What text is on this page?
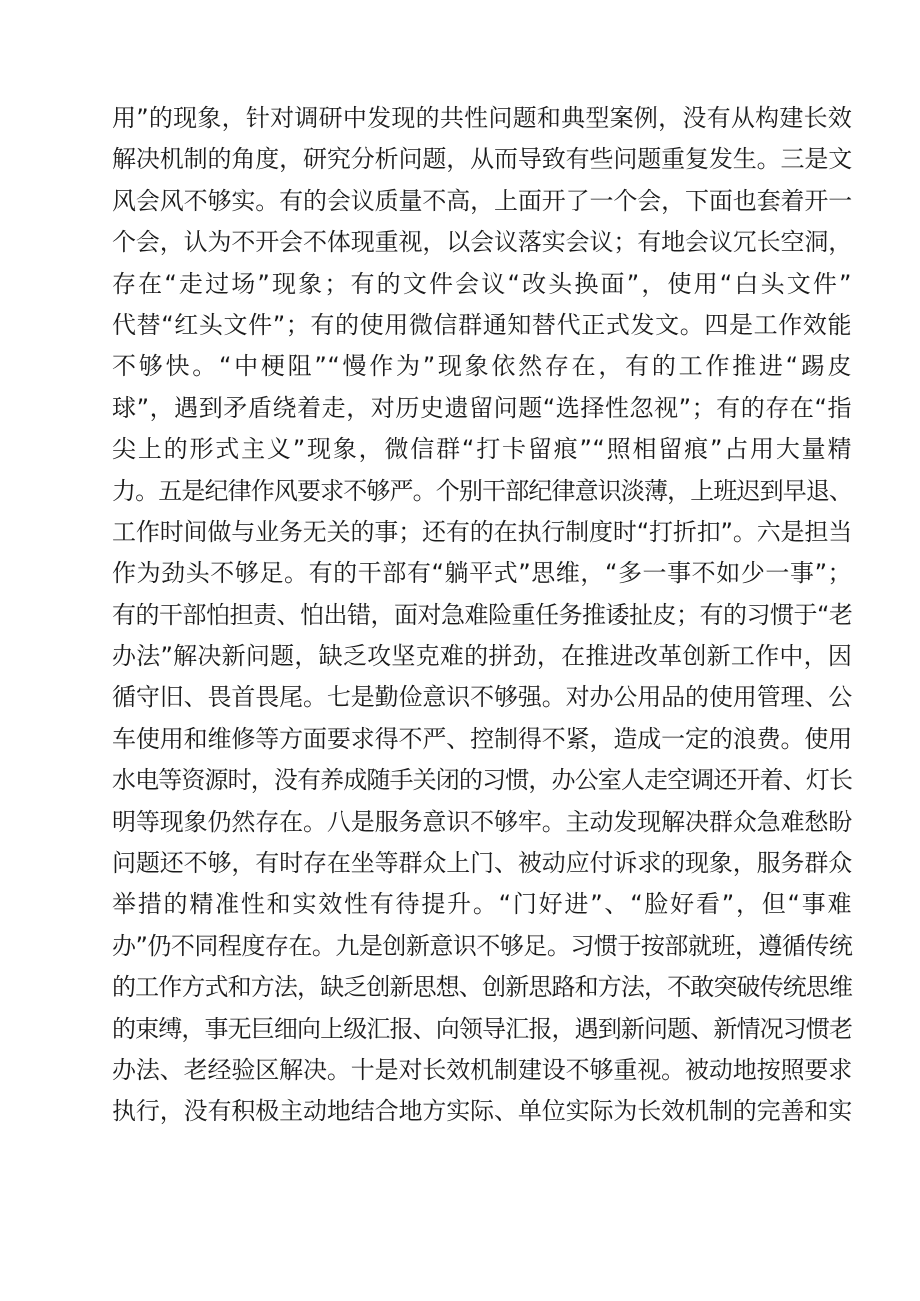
用”的现象，针对调研中发现的共性问题和典型案例，没有从构建长效
解决机制的角度，研究分析问题，从而导致有些问题重复发生。三是文
风会风不够实。有的会议质量不高，上面开了一个会，下面也套着开一
个会，认为不开会不体现重视，以会议落实会议；有地会议冗长空洞，
存在“走过场”现象；有的文件会议“改头换面”，使用“白头文件”
代替“红头文件”；有的使用微信群通知替代正式发文。四是工作效能
不够快。“中梗阻”“慢作为”现象依然存在，有的工作推进“踢皮
球”，遇到矛盾绕着走，对历史遗留问题“选择性忽视”；有的存在“指
尖上的形式主义”现象，微信群“打卡留痕”“照相留痕”占用大量精
力。五是纪律作风要求不够严。个别干部纪律意识淡薄，上班迟到早退、
工作时间做与业务无关的事；还有的在执行制度时“打折扣”。六是担当
作为劲头不够足。有的干部有“躺平式”思维，“多一事不如少一事”；
有的干部怕担责、怕出错，面对急难险重任务推诿扯皮；有的习惯于“老
办法”解决新问题，缺乏攻坚克难的拼劲，在推进改革创新工作中，因
循守旧、畏首畏尾。七是勤俭意识不够强。对办公用品的使用管理、公
车使用和维修等方面要求得不严、控制得不紧，造成一定的浪费。使用
水电等资源时，没有养成随手关闭的习惯，办公室人走空调还开着、灯长
明等现象仍然存在。八是服务意识不够牢。主动发现解决群众急难愁盼
问题还不够，有时存在坐等群众上门、被动应付诉求的现象，服务群众
举措的精准性和实效性有待提升。“门好进”、“脸好看”，但“事难
办”仍不同程度存在。九是创新意识不够足。习惯于按部就班，遵循传统
的工作方式和方法，缺乏创新思想、创新思路和方法，不敢突破传统思维
的束缚，事无巨细向上级汇报、向领导汇报，遇到新问题、新情况习惯老
办法、老经验区解决。十是对长效机制建设不够重视。被动地按照要求
执行，没有积极主动地结合地方实际、单位实际为长效机制的完善和实
